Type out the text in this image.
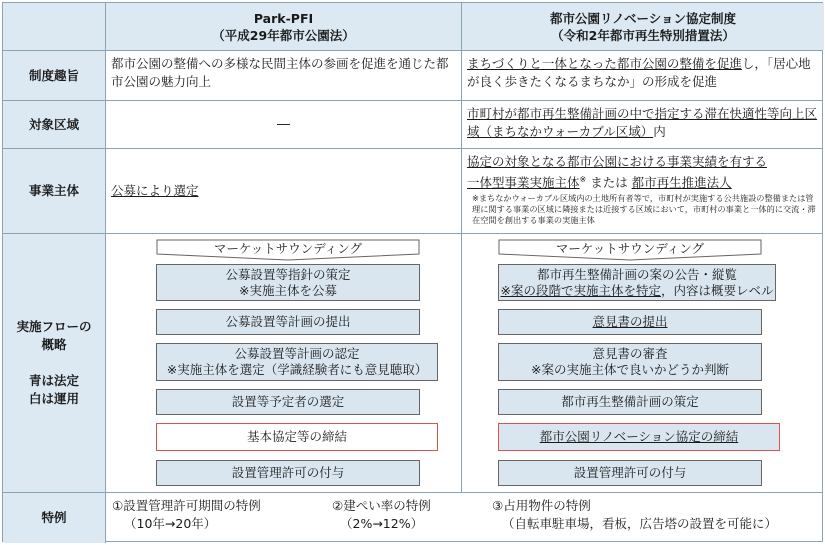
Park-PFI
（平成29年都市公園法）
都市公園リノベーション協定制度
（令和2年都市再生特別措置法）
制度趣旨
都市公園の整備への多様な民間主体の参画を促進を通じた都市公園の魅力向上
まちづくりと一体となった都市公園の整備を促進し，「居心地が良く歩きたくなるまちなか」の形成を促進
対象区域	―
市町村が都市再生整備計画の中で指定する滞在快適性等向上区域（まちなかウォーカブル区域）内
事業主体	公募により選定
協定の対象となる都市公園における事業実績を有する
一体型事業実施主体※ または 都市再生推進法人
※まちなかウォーカブル区域内の土地所有者等で，市町村が実施する公共施設の整備または管理に関する事業の区域に隣接または近接する区域において，市町村の事業と一体的に交流・滞在空間を創出する事業の実施主体
実施フローの
概略
青は法定
白は運用
マーケットサウンディング
公募設置等指針の策定
※実施主体を公募
公募設置等計画の提出
公募設置等計画の認定
※実施主体を選定（学識経験者にも意見聴取）
設置等予定者の選定
基本協定等の締結
設置管理許可の付与
マーケットサウンディング
都市再生整備計画の案の公告・縦覧
※案の段階で実施主体を特定，内容は概要レベル
意見書の提出
意見書の審査
※案の実施主体で良いかどうか判断
都市再生整備計画の策定
都市公園リノベーション協定の締結
設置管理許可の付与
特例
①設置管理許可期間の特例
（10年→20年）
②建ぺい率の特例
（2%→12%）
③占用物件の特例
（自転車駐車場，看板，広告塔の設置を可能に）
